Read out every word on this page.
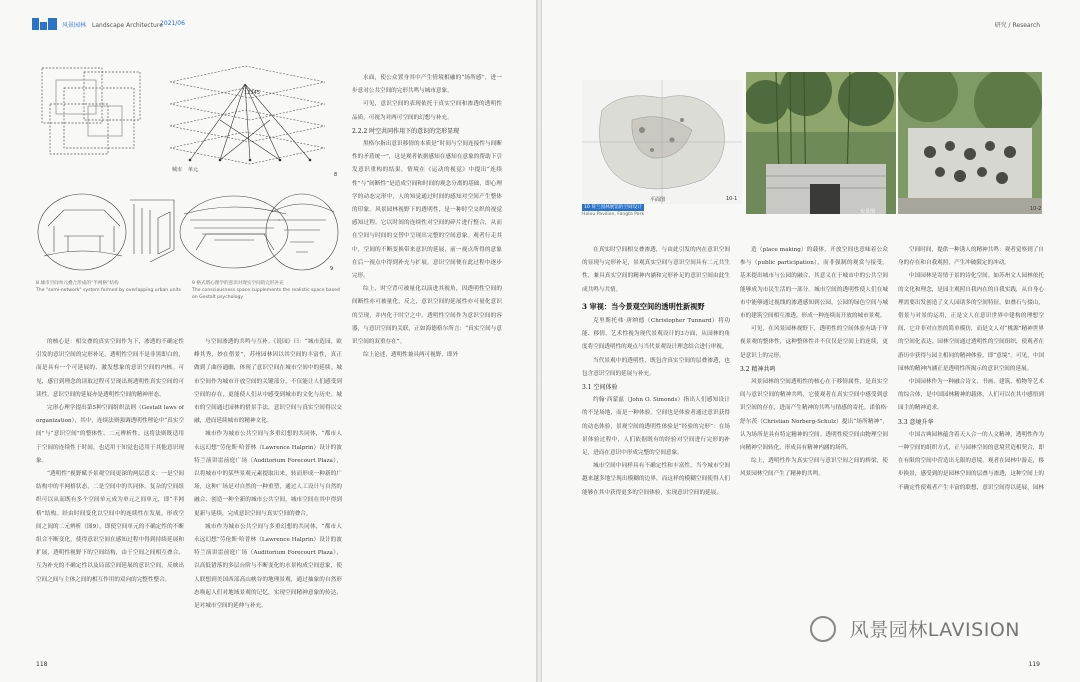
风景园林 Landscape Architecture
2021/06
12345
城市 单元
8
9
8 城市空间单元叠合形成的“半网格”结构
The "semi-network" system formed by overlapping urban units
9 格式塔心理学的意识对现实空间的完形补充
The consciousness space supplements the realistic space based on Gestalt psychology

的核心是：相交叠的真实空间作为下，渗透的不确定性引发的意识空间的完形补足。透明性空间不是非黑即白的，而是具有一个可延展的、激发想象的意识空间的内核。可见，感官到理念的读取过程可呈现出现透明性真实空间的可读性。意识空间的延展亦是透明性空间的精神形态。

完形心理学提出第5种空间组织法则（Gestalt laws of organization），其中，连续法则强调透明性理论中“真实空间”与“意识空间”的整体性、二元辨析性。这将法则既适用于空间的连续性于时间，也适用于知觉也适用于其他意识现象。

“透明性”视野赋予景观空间更深的两层意义：一是空间结构中的半网格状态，二是空间中的共同体。复杂的空间组织可以从而既有多个空间单元成为单元之间单元，即“半网格”结构。经由时间变化以空间中的连续性在发展，形成空间之间的二元辨析（图9），即使空间单元的不确定性的不断组合不断变化，使得意识空间在感知过程中得到持续延展和扩展，透明性视野下的空间结构，由于空间之间相互叠合、互为补充的不确定性以及局部空间延展的意识空间，反映出空间之间与主体之间的相互作用的双向的完整性整合。

与空间渗透的共鸣与互补。《说园》曰：“城市造园，欧峰其秀，妙在借景”，苏州园林因以其空间的丰富性，真正做到了曲径通幽，体现了意识空间在城市空间中的延续。城市空间作为城市开放空间的关键部分，不仅能让人们感受到空间的存在，更能使人们从中感受到城市的文化与历史。城市的空间通过园林的借景手法，意识空间与真实空间得以交融，进而延续城市的精神文化。

城市作为城市公共空间与多重幻想的共同体，“都市人永远幻想”劳伦斯·哈普林（Lawrence Halprin）设计的波特兰演讲雷前庭广场（Auditorium Forecourt Plaza），以将城市中的某些景观元素提取出来，转而形成一种新的广场，这种广场是对自然的一种重塑，通过人工设计与自然的融合，创造一种全新的城市公共空间，城市空间在其中得到更新与延续，完成意识空间与真实空间的叠合。

城市作为城市公共空间与多重幻想的共同体，“都市人永远幻想”劳伦斯·哈普林（Lawrence Halprin）设计的波特兰演讲雷前庭广场（Auditorium Forecourt Plaza），以高低错落的多层台阶与不断变化的水景构成空间意象，使人联想到美国西部高山峡谷的地理景观，通过抽象的自然形态唤起人们对地域景观的记忆，实现空间精神意象的传达，是对城市空间的延伸与补充。

水面，使公众置身其中产生情境相融的“场所感”，进一步意对公共空间的完形共鸣与城市意象。

可见，意识空间的表现依托于真实空间和渗透的透明性品质，可视为对两可空间的幻想与补充。

2.2.2 时空共同作用下的意识的完形显现

黑格尔指出意识移情的本质是“时间与空间连接性与间断性的矛盾统一”，这是观者依据感知在感知在意象的帮助下引发意识重构的结果，情境在《运动的视觉》中提出“连续性”与“间断性”是造成空间和时间的观念分离的基础，即心理学的动态完形中，人的知觉通过时间的感知对空间产生整体的印象。风景园林视野下的透明性，是一种时空交织的视觉感知过程。它以时间的连续性对空间的碎片进行整合，从而在空间与时间的交替中呈现出完整的空间意象。观者行走其中，空间的不断变换带来意识的延展，前一视点所得的意象在后一视点中得到补充与扩展，意识空间便在此过程中逐步完形。

综上，时空背可被量化以演进其视角，因透明性空间的间断性亦可被量化，反之，意识空间的延展性亦可量化意识的呈现，并内化于时空之中。透明性空间作为意识空间的容器，与意识空间的关联，正如海德格尔所言：“真实空间与意识空间的双重存在”。

综上论述，透明性兼具两可视野，即外

118
研究 / Research
平面图	10-1
实景图	10-2
10 荷兰园林展馆的空间设计
Holou Pavilion, Fangta Park

在真实时空间相交叠渗透，与由此引发的内在意识空间的显现与完形补足，景观真实空间与意识空间具有二元共生性，兼具真实空间的精神内涵和完形补足的意识空间由此生成共鸣与共情。

3 审视：当今景观空间的透明性新视野

克里斯托弗·唐纳德（Christopher Tunnard）将功能、移情、艺术性视为现代景观设计的3方面，从园林的角度将空间透明性的观点与当代景观设计理念结合进行审视。

当代景观中的透明性，既包含真实空间的层叠渗透，也包含意识空间的延展与补充。

3.1 空间体验

约翰·西蒙兹（John O. Simonds）指出人们感知设计的不是场地，而是一种体验。空间也是体验者通过意识获得的动态体验，景观空间的透明性体验是“经验的完形”：在场景体验过程中，人们依据既有的经验对空间进行完形的补足，进而在意识中形成完整的空间意象。

城市空间中同样具有不确定性和丰富性，当今城市空间越来越多地呈现出模糊的边界，而这样的模糊空间使得人们能够在其中获得更多的空间体验，实现意识空间的延展。

造（place making）的载体，开放空间也意味着公众参与（public participation），而非强制的观赏与接受。基米提出城市与公园的融合，其意义在于城市中的公共空间能够成为市民生活的一部分。城市空间的透明性使人们在城市中能够通过视线的渗透感知到公园，公园的绿色空间与城市的建筑空间相互渗透，形成一种连续而开放的城市景观。

可见，在风景园林视野下，透明性的空间体验有助于审视景观的整体性，这种整体性并不仅仅是空间上的连续，更是意识上的完形。

3.2 精神共鸣

风景园林的空间透明性的核心在于移情属性，是真实空间与意识空间的精神共鸣，它使观者在真实空间中感受到意识空间的存在，进而产生精神的共鸣与情感的寄托。诺伯格·舒尔茨（Christian Norberg-Schulz）提出“场所精神”，认为场所是具有特定精神的空间。透明性使空间由物理空间向精神空间转化，形成具有精神内涵的场所。

综上，透明性作为真实空间与意识空间之间的桥梁，使风景园林空间产生了精神的共鸣。

空间时间，提供一种诱人的精神共鸣：观者觉察到了自身的存在和自我观照，产生冲破限定的冲动。

中国园林是寄情于景的诗化空间。如苏州文人园林依托的文化和理念，是园主观照自我内在的自我实践，从自身心理需要出发创造了文人园诸多的空间特征，如叠石与掇山，借景与对景的运用，正是文人在意识世界中建构的理想空间，它并非对自然的简单模仿，而是文人对“桃源”精神世界的空间化表达。园林空间通过透明性的空间组织，使观者在游历中获得与园主相同的精神体验，即“意境”。可见，中国园林的精神内涵正是透明性所揭示的意识空间的延展。

中国园林作为一种融合诗文、书画、建筑、植物等艺术的综合体，是中国园林精神的载体，人们可以在其中感悟到园主的精神追求。

3.3 意境升华

中国古典园林蕴含着天人合一的人文精神，透明性作为一种空间的组织方式，正与园林空间的意境营造相契合，即在有限的空间中营造出无限的意境。观者在园林中游走，移步换景，感受到的是园林空间的层叠与渗透，这种空间上的不确定性使观者产生丰富的联想，意识空间得以延展，园林

风景园林LAVISION
119
